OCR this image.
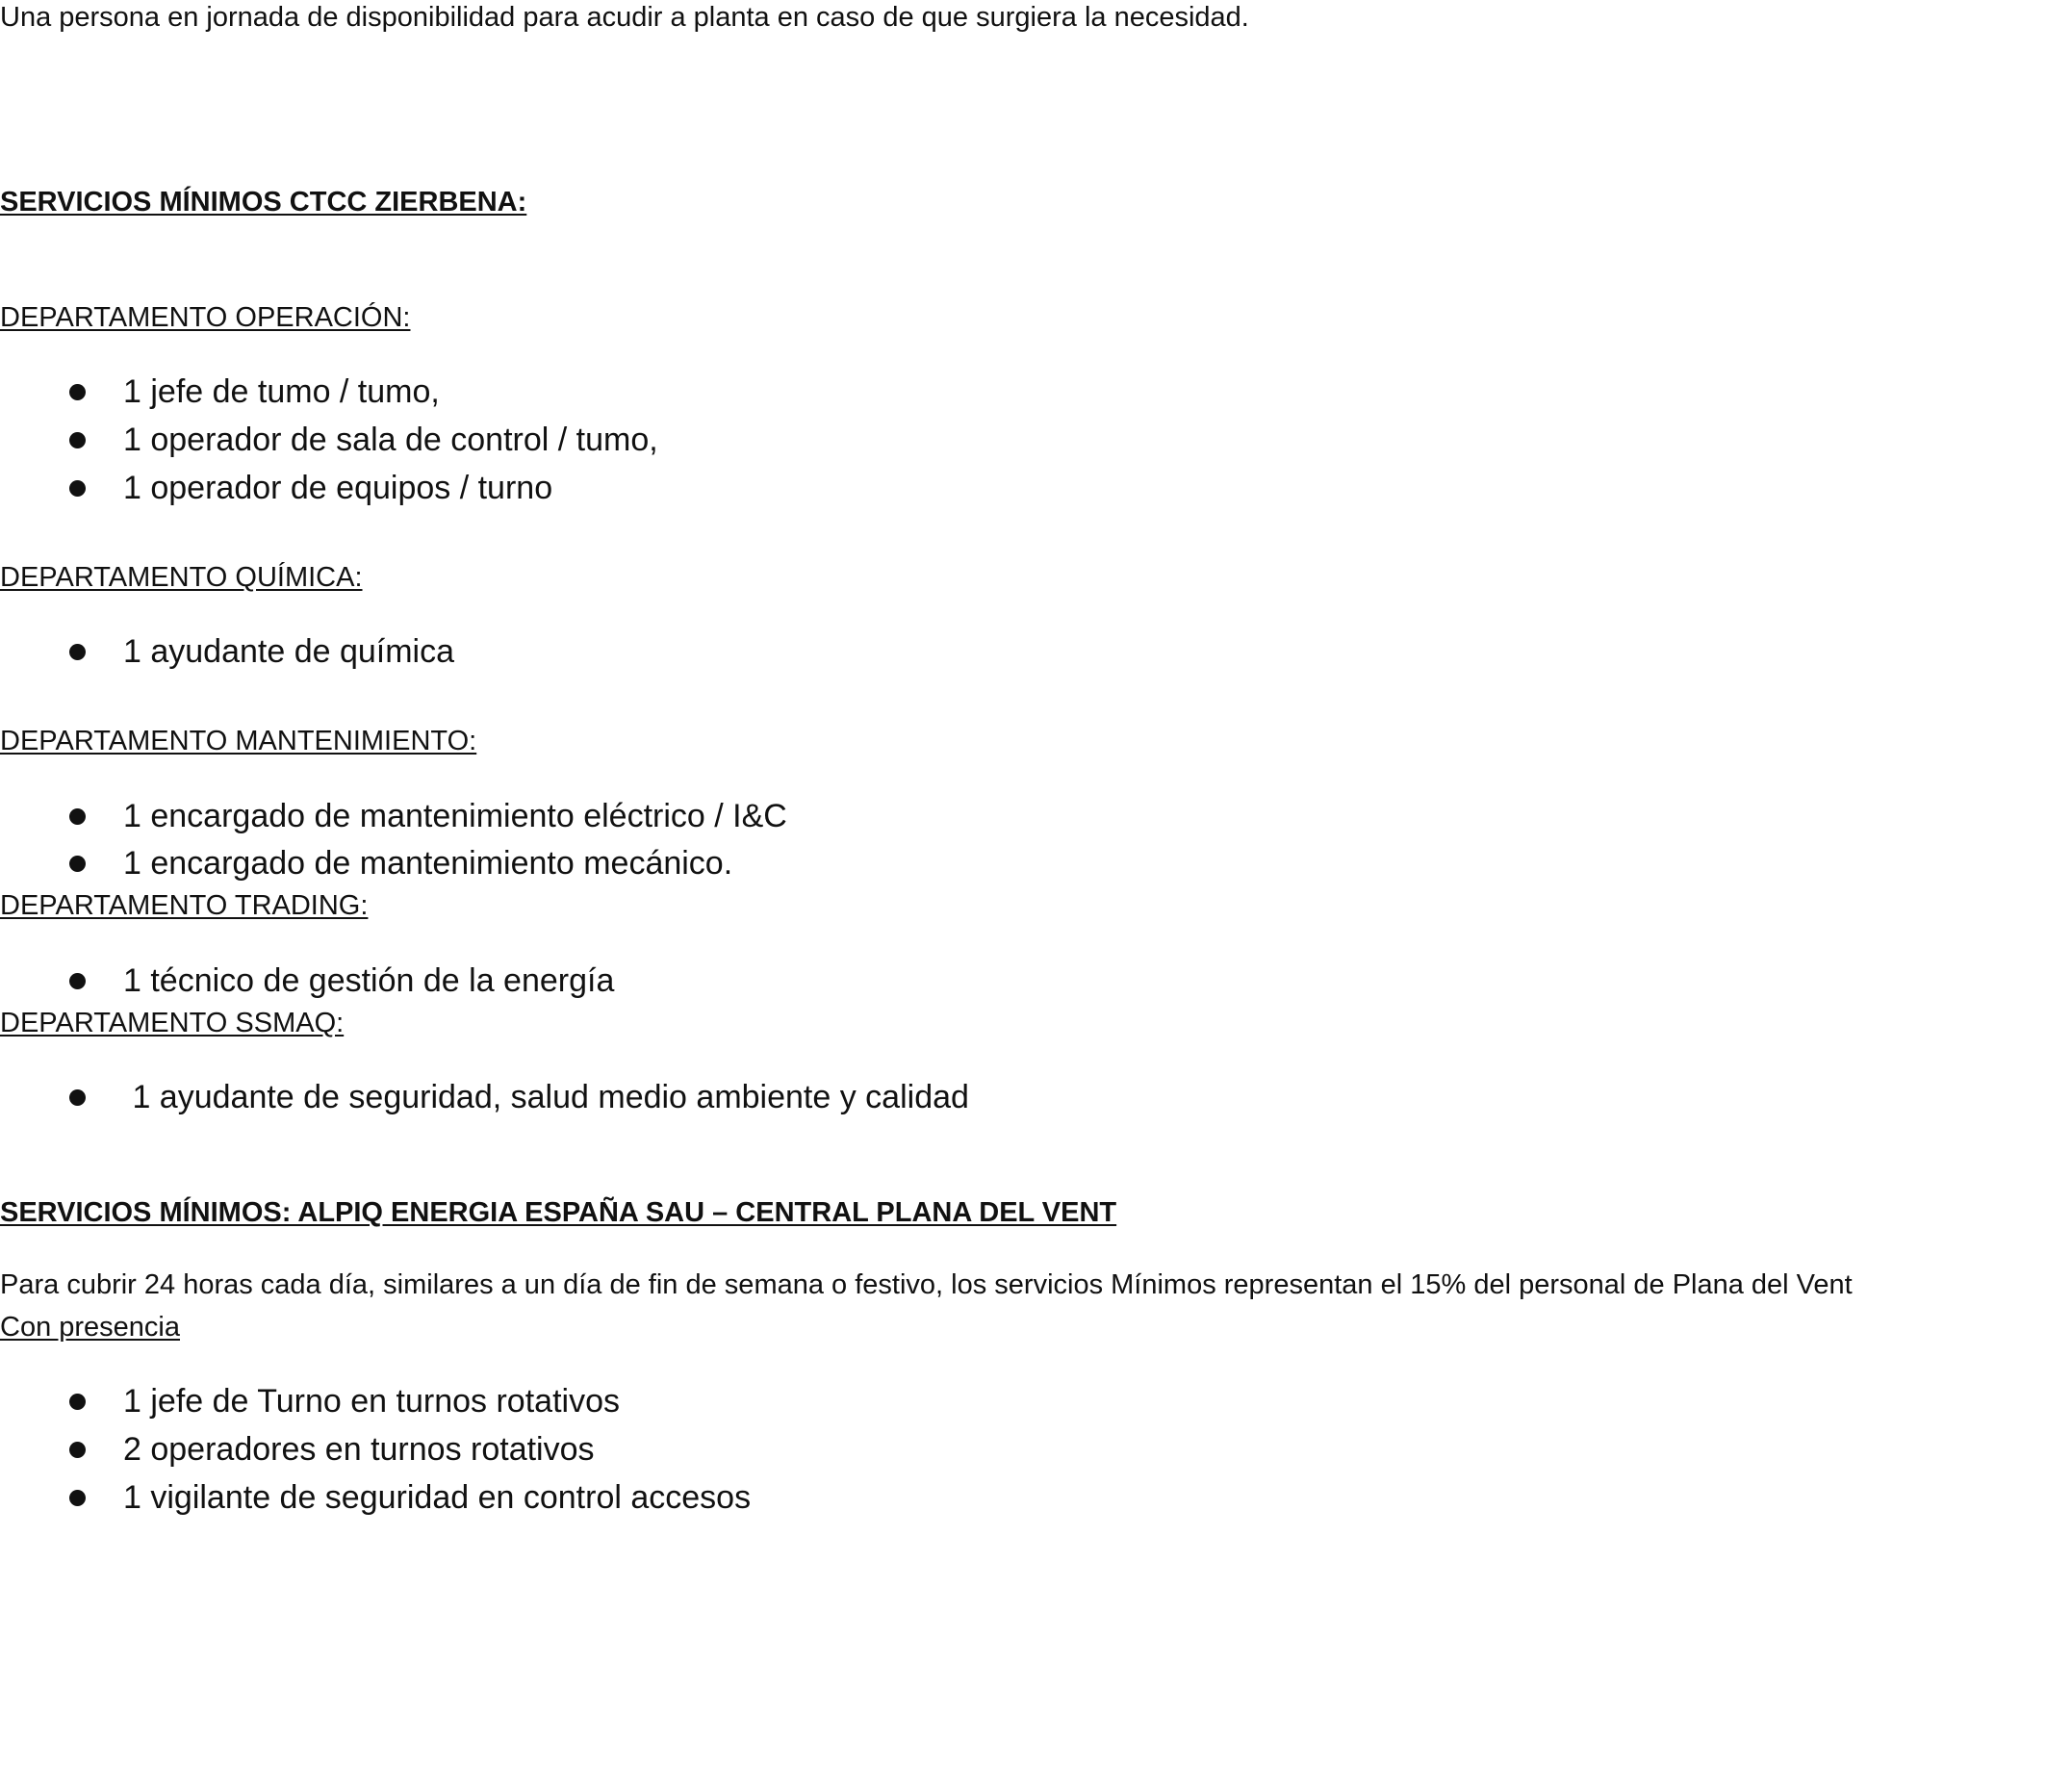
Una persona en jornada de disponibilidad para acudir a planta en caso de que surgiera la necesidad.
SERVICIOS MÍNIMOS CTCC ZIERBENA:
DEPARTAMENTO OPERACIÓN:
1 jefe de tumo / tumo,
1 operador de sala de control / tumo,
1 operador de equipos / turno
DEPARTAMENTO QUÍMICA:
1 ayudante de química
DEPARTAMENTO MANTENIMIENTO:
1 encargado de mantenimiento eléctrico / I&C
1 encargado de mantenimiento mecánico.
DEPARTAMENTO TRADING:
1 técnico de gestión de la energía
DEPARTAMENTO SSMAQ:
1 ayudante de seguridad, salud medio ambiente y calidad
SERVICIOS MÍNIMOS: ALPIQ ENERGIA ESPAÑA SAU – CENTRAL PLANA DEL VENT
Para cubrir 24 horas cada día, similares a un día de fin de semana o festivo, los servicios Mínimos representan el 15% del personal de Plana del Vent
Con presencia
1 jefe de Turno en turnos rotativos
2 operadores en turnos rotativos
1 vigilante de seguridad en control accesos
